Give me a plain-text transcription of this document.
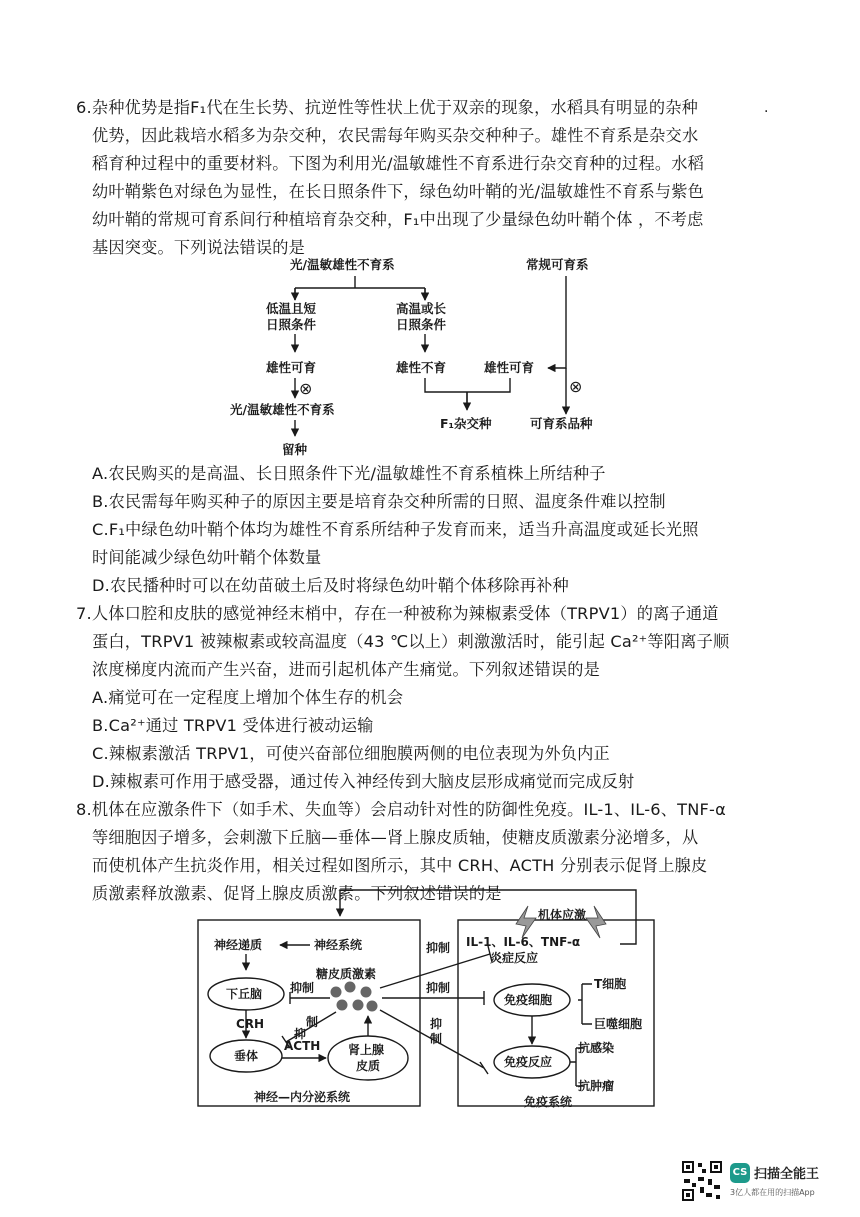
6.杂种优势是指F₁代在生长势、抗逆性等性状上优于双亲的现象，水稻具有明显的杂种	·
优势，因此栽培水稻多为杂交种，农民需每年购买杂交种种子。雄性不育系是杂交水
稻育种过程中的重要材料。下图为利用光/温敏雄性不育系进行杂交育种的过程。水稻
幼叶鞘紫色对绿色为显性，在长日照条件下，绿色幼叶鞘的光/温敏雄性不育系与紫色
幼叶鞘的常规可育系间行种植培育杂交种，F₁中出现了少量绿色幼叶鞘个体 ，不考虑
基因突变。下列说法错误的是
光/温敏雄性不育系	常规可育系
低温且短
日照条件
高温或长
日照条件
雄性可育	雄性不育	雄性可育
⊗
⊗
光/温敏雄性不育系
留种
F₁杂交种	可育系品种
A.农民购买的是高温、长日照条件下光/温敏雄性不育系植株上所结种子
B.农民需每年购买种子的原因主要是培育杂交种所需的日照、温度条件难以控制
C.F₁中绿色幼叶鞘个体均为雄性不育系所结种子发育而来，适当升高温度或延长光照
时间能减少绿色幼叶鞘个体数量
D.农民播种时可以在幼苗破土后及时将绿色幼叶鞘个体移除再补种
7.人体口腔和皮肤的感觉神经末梢中，存在一种被称为辣椒素受体（TRPV1）的离子通道
蛋白，TRPV1 被辣椒素或较高温度（43 ℃以上）刺激激活时，能引起 Ca²⁺等阳离子顺
浓度梯度内流而产生兴奋，进而引起机体产生痛觉。下列叙述错误的是
A.痛觉可在一定程度上增加个体生存的机会
B.Ca²⁺通过 TRPV1 受体进行被动运输
C.辣椒素激活 TRPV1，可使兴奋部位细胞膜两侧的电位表现为外负内正
D.辣椒素可作用于感受器，通过传入神经传到大脑皮层形成痛觉而完成反射
8.机体在应激条件下（如手术、失血等）会启动针对性的防御性免疫。IL-1、IL-6、TNF-α
等细胞因子增多，会刺激下丘脑—垂体—肾上腺皮质轴，使糖皮质激素分泌增多，从
而使机体产生抗炎作用，相关过程如图所示，其中 CRH、ACTH 分别表示促肾上腺皮
质激素释放激素、促肾上腺皮质激素。下列叙述错误的是
机体应激
神经递质	神经系统
糖皮质激素
下丘脑 抑制
CRH
抑
制
垂体
ACTH 肾上腺
皮质
神经—内分泌系统
抑制
抑制
抑
制
IL-1、IL-6、TNF-α
炎症反应
免疫细胞
T细胞
巨噬细胞
免疫反应
抗感染
抗肿瘤
免疫系统
CS 扫描全能王
3亿人都在用的扫描App
